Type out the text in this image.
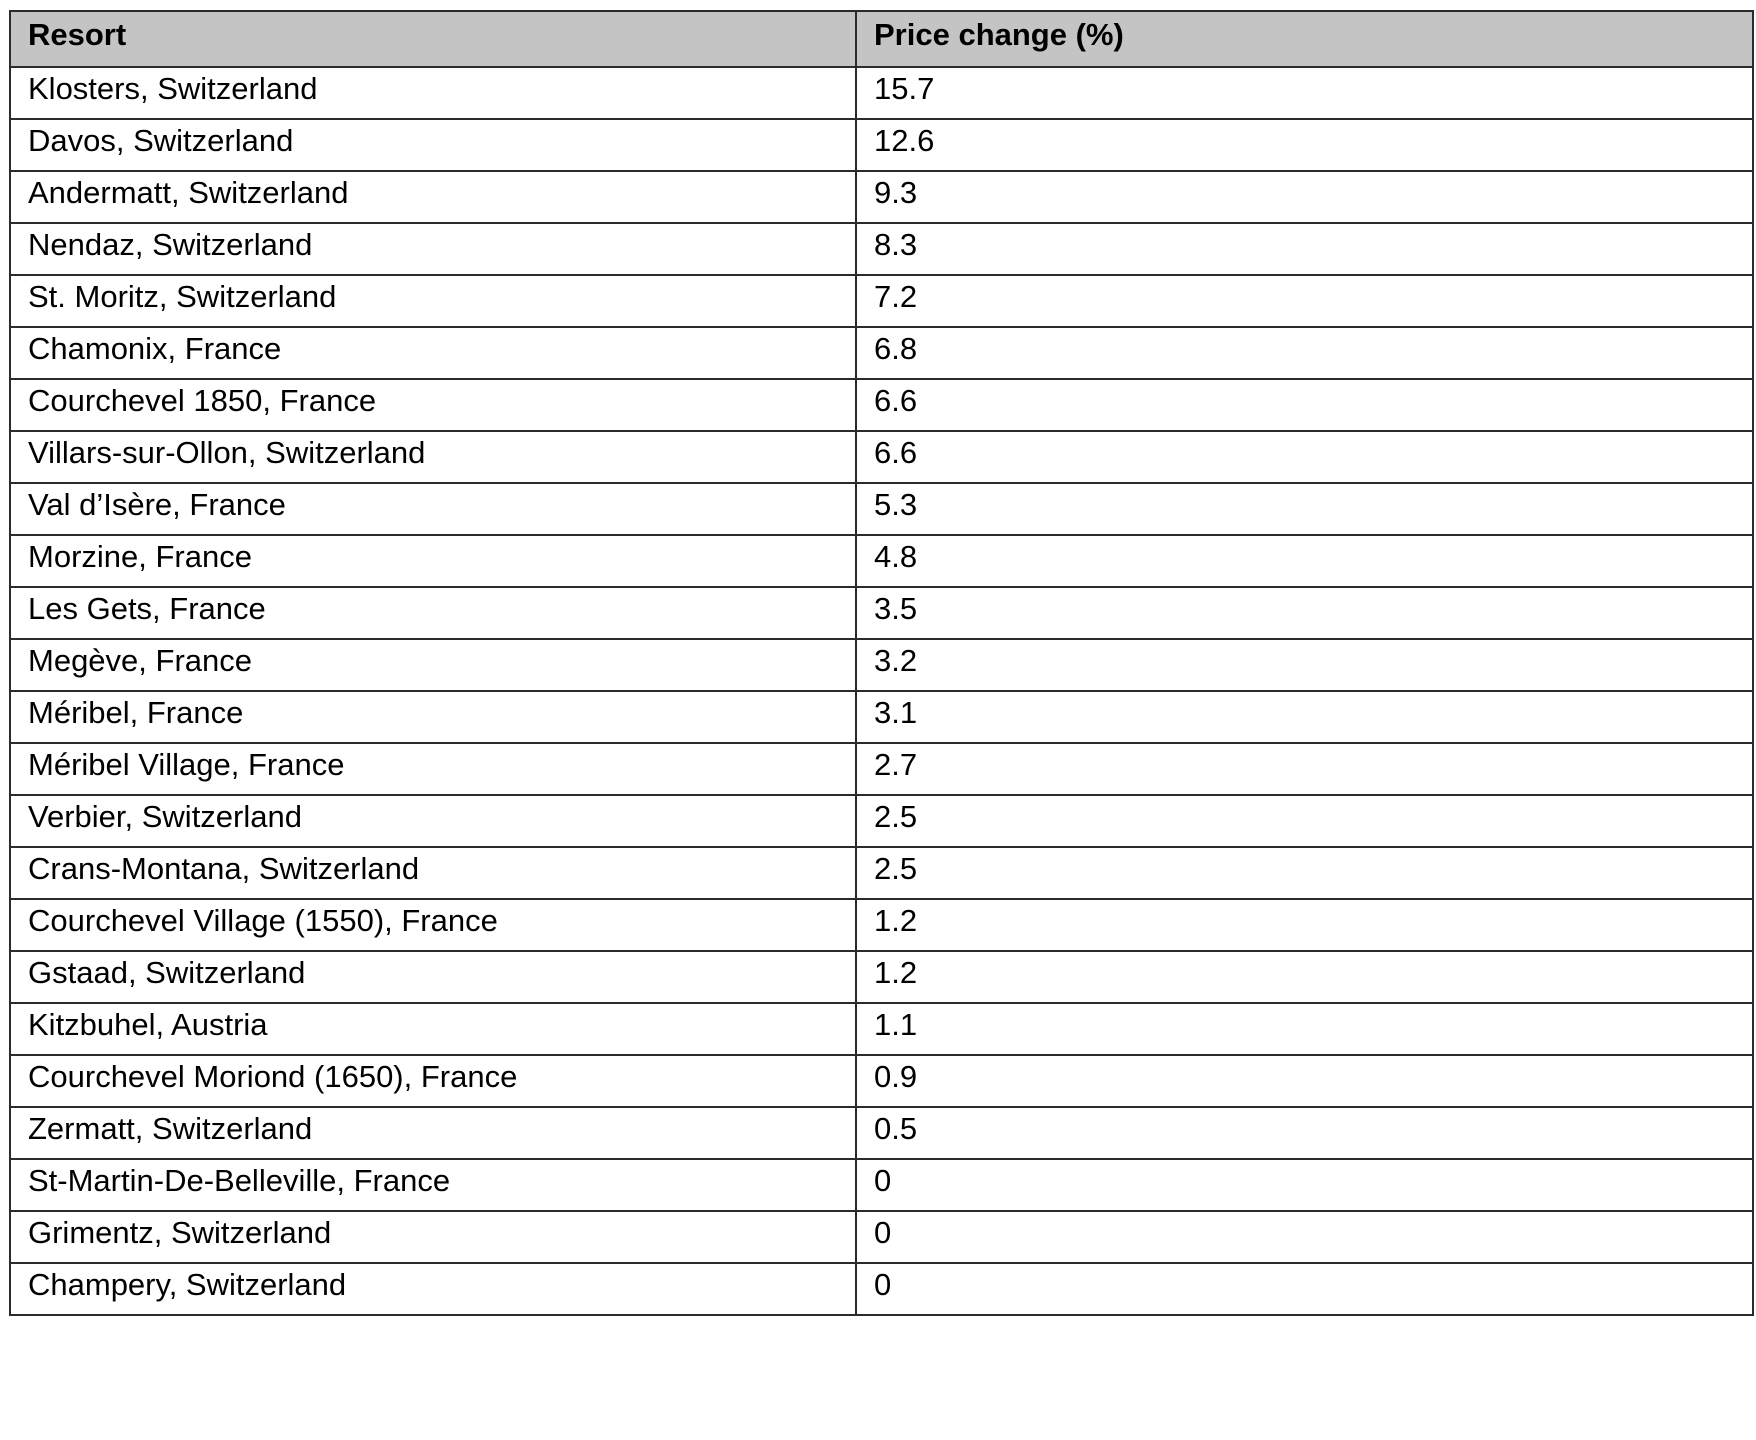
Resort	Price change (%)
Klosters, Switzerland	15.7
Davos, Switzerland	12.6
Andermatt, Switzerland	9.3
Nendaz, Switzerland	8.3
St. Moritz, Switzerland	7.2
Chamonix, France	6.8
Courchevel 1850, France	6.6
Villars-sur-Ollon, Switzerland	6.6
Val d’Isère, France	5.3
Morzine, France	4.8
Les Gets, France	3.5
Megève, France	3.2
Méribel, France	3.1
Méribel Village, France	2.7
Verbier, Switzerland	2.5
Crans-Montana, Switzerland	2.5
Courchevel Village (1550), France	1.2
Gstaad, Switzerland	1.2
Kitzbuhel, Austria	1.1
Courchevel Moriond (1650), France	0.9
Zermatt, Switzerland	0.5
St-Martin-De-Belleville, France	0
Grimentz, Switzerland	0
Champery, Switzerland	0
